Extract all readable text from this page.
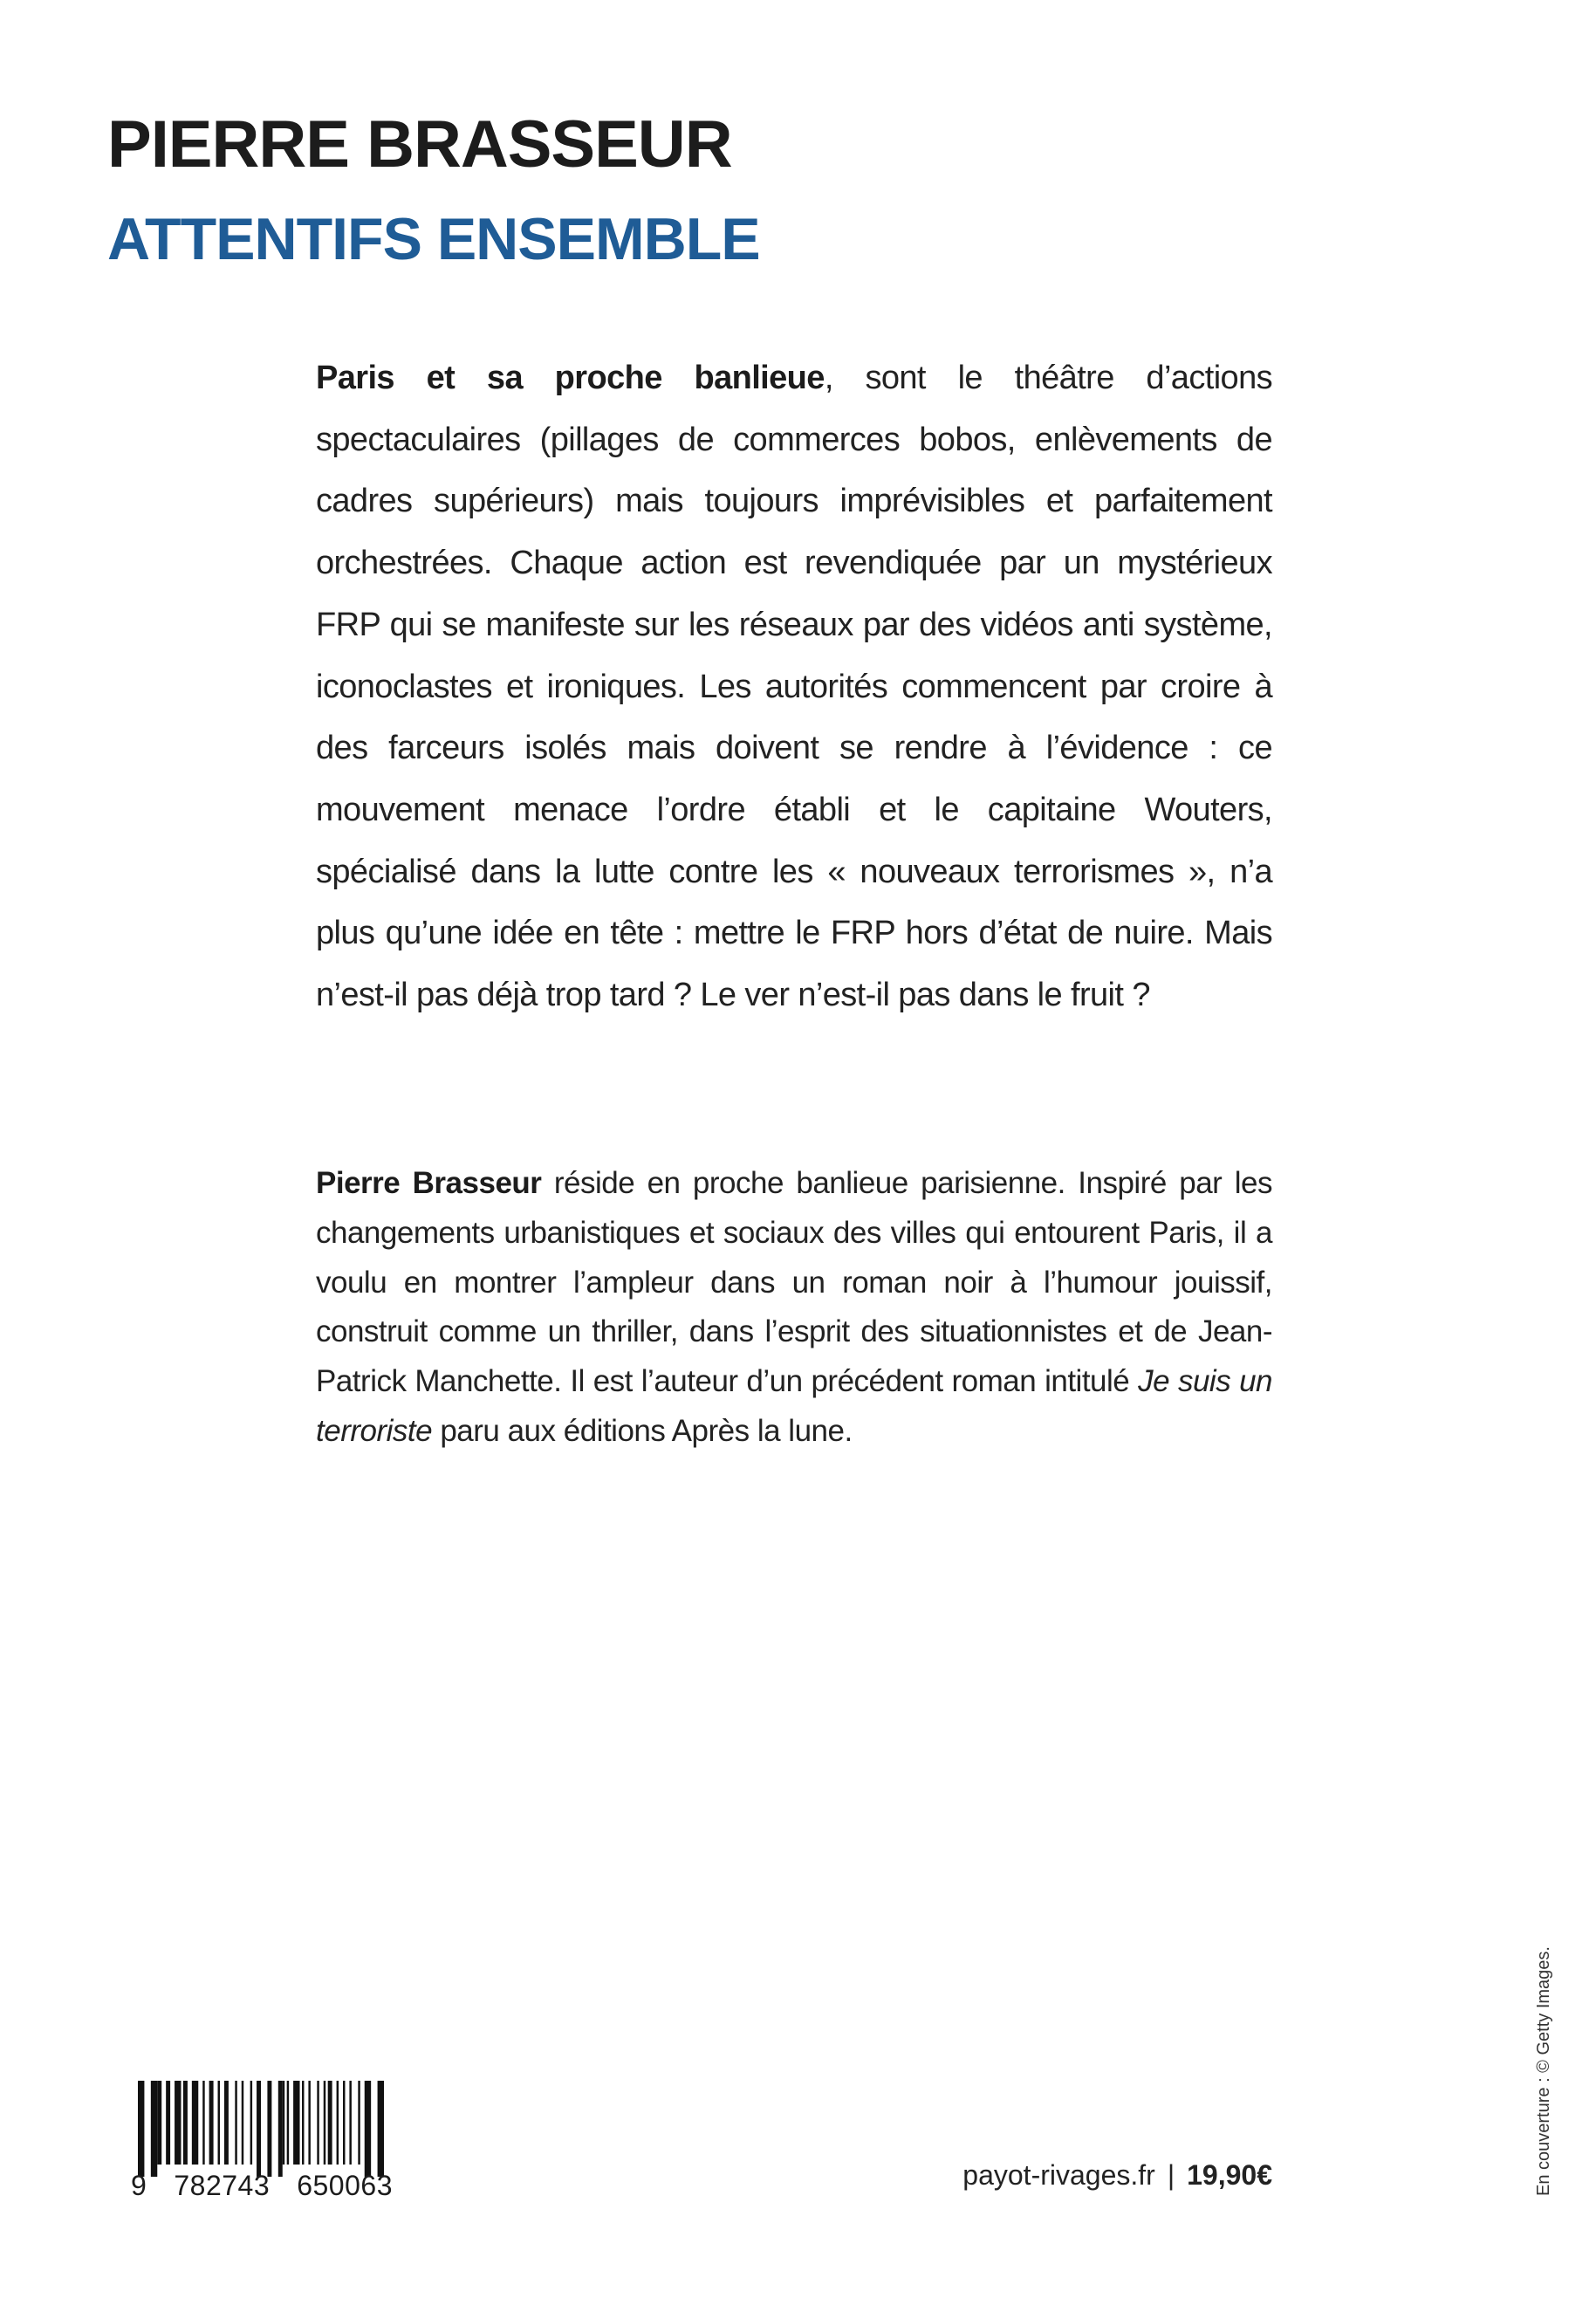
PIERRE BRASSEUR
ATTENTIFS ENSEMBLE

Paris et sa proche banlieue, sont le théâtre d’actions spectaculaires (pillages de commerces bobos, enlèvements de cadres supérieurs) mais toujours imprévisibles et parfaitement orchestrées. Chaque action est revendiquée par un mystérieux FRP qui se manifeste sur les réseaux par des vidéos anti système, iconoclastes et ironiques. Les autorités commencent par croire à des farceurs isolés mais doivent se rendre à l’évidence : ce mouvement menace l’ordre établi et le capitaine Wouters, spécialisé dans la lutte contre les « nouveaux terrorismes », n’a plus qu’une idée en tête : mettre le FRP hors d’état de nuire. Mais n’est-il pas déjà trop tard ? Le ver n’est-il pas dans le fruit ?

Pierre Brasseur réside en proche banlieue parisienne. Inspiré par les changements urbanistiques et sociaux des villes qui entourent Paris, il a voulu en montrer l’ampleur dans un roman noir à l’humour jouissif, construit comme un thriller, dans l’esprit des situationnistes et de Jean-Patrick Manchette. Il est l’auteur d’un précédent roman intitulé Je suis un terroriste paru aux éditions Après la lune.

9 782743 650063	payot-rivages.fr | 19,90€	En couverture : © Getty Images.
